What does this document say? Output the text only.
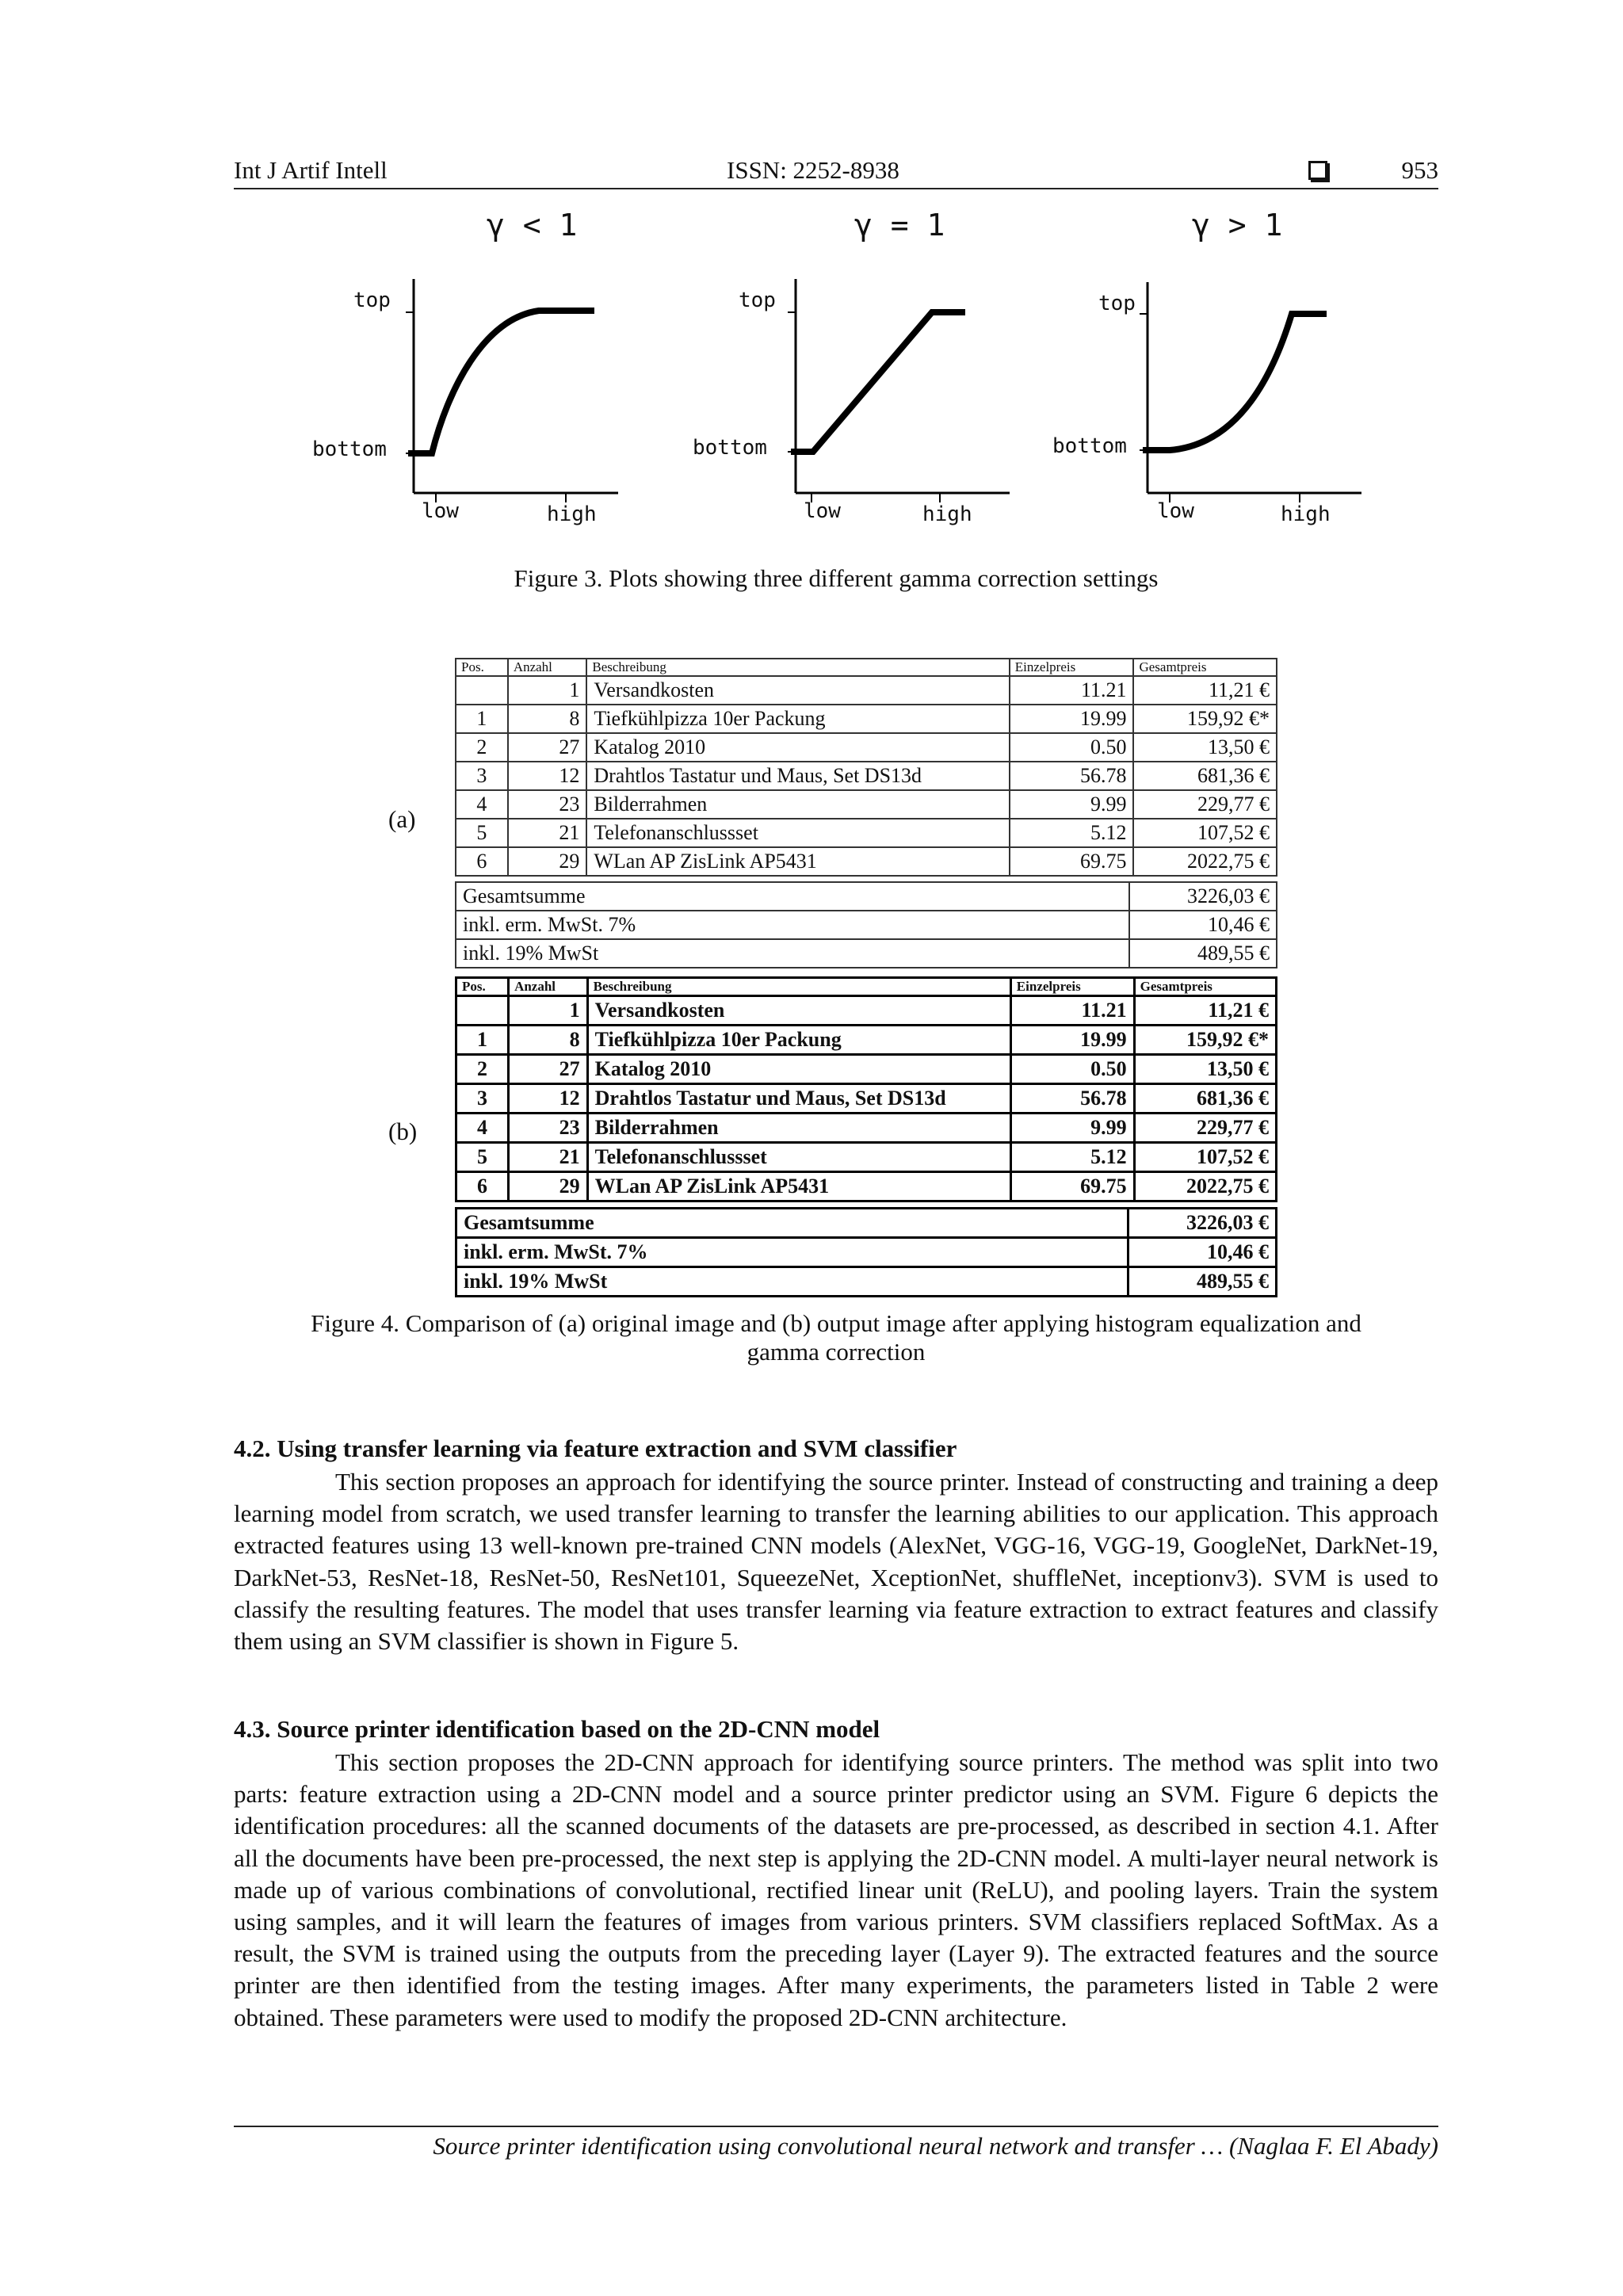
Int J Artif Intell	ISSN: 2252-8938	953
γ < 1
top
bottom
low	high
γ = 1
top
bottom
low	high
γ > 1
top
bottom
low	high
Figure 3. Plots showing three different gamma correction settings
(a)
Pos.	Anzahl	Beschreibung	Einzelpreis	Gesamtpreis
	1	Versandkosten	11.21	11,21 €
1	8	Tiefkühlpizza 10er Packung	19.99	159,92 €*
2	27	Katalog 2010	0.50	13,50 €
3	12	Drahtlos Tastatur und Maus, Set DS13d	56.78	681,36 €
4	23	Bilderrahmen	9.99	229,77 €
5	21	Telefonanschlussset	5.12	107,52 €
6	29	WLan AP ZisLink AP5431	69.75	2022,75 €
Gesamtsumme	3226,03 €
inkl. erm. MwSt. 7%	10,46 €
inkl. 19% MwSt	489,55 €
(b)
Pos.	Anzahl	Beschreibung	Einzelpreis	Gesamtpreis
	1	Versandkosten	11.21	11,21 €
1	8	Tiefkühlpizza 10er Packung	19.99	159,92 €*
2	27	Katalog 2010	0.50	13,50 €
3	12	Drahtlos Tastatur und Maus, Set DS13d	56.78	681,36 €
4	23	Bilderrahmen	9.99	229,77 €
5	21	Telefonanschlussset	5.12	107,52 €
6	29	WLan AP ZisLink AP5431	69.75	2022,75 €
Gesamtsumme	3226,03 €
inkl. erm. MwSt. 7%	10,46 €
inkl. 19% MwSt	489,55 €
Figure 4. Comparison of (a) original image and (b) output image after applying histogram equalization and
gamma correction
4.2. Using transfer learning via feature extraction and SVM classifier
This section proposes an approach for identifying the source printer. Instead of constructing and training a deep learning model from scratch, we used transfer learning to transfer the learning abilities to our application. This approach extracted features using 13 well-known pre-trained CNN models (AlexNet, VGG-16, VGG-19, GoogleNet, DarkNet-19, DarkNet-53, ResNet-18, ResNet-50, ResNet101, SqueezeNet, XceptionNet, shuffleNet, inceptionv3). SVM is used to classify the resulting features. The model that uses transfer learning via feature extraction to extract features and classify them using an SVM classifier is shown in Figure 5.
4.3. Source printer identification based on the 2D-CNN model
This section proposes the 2D-CNN approach for identifying source printers. The method was split into two parts: feature extraction using a 2D-CNN model and a source printer predictor using an SVM. Figure 6 depicts the identification procedures: all the scanned documents of the datasets are pre-processed, as described in section 4.1. After all the documents have been pre-processed, the next step is applying the 2D-CNN model. A multi-layer neural network is made up of various combinations of convolutional, rectified linear unit (ReLU), and pooling layers. Train the system using samples, and it will learn the features of images from various printers. SVM classifiers replaced SoftMax. As a result, the SVM is trained using the outputs from the preceding layer (Layer 9). The extracted features and the source printer are then identified from the testing images. After many experiments, the parameters listed in Table 2 were obtained. These parameters were used to modify the proposed 2D-CNN architecture.
Source printer identification using convolutional neural network and transfer … (Naglaa F. El Abady)
